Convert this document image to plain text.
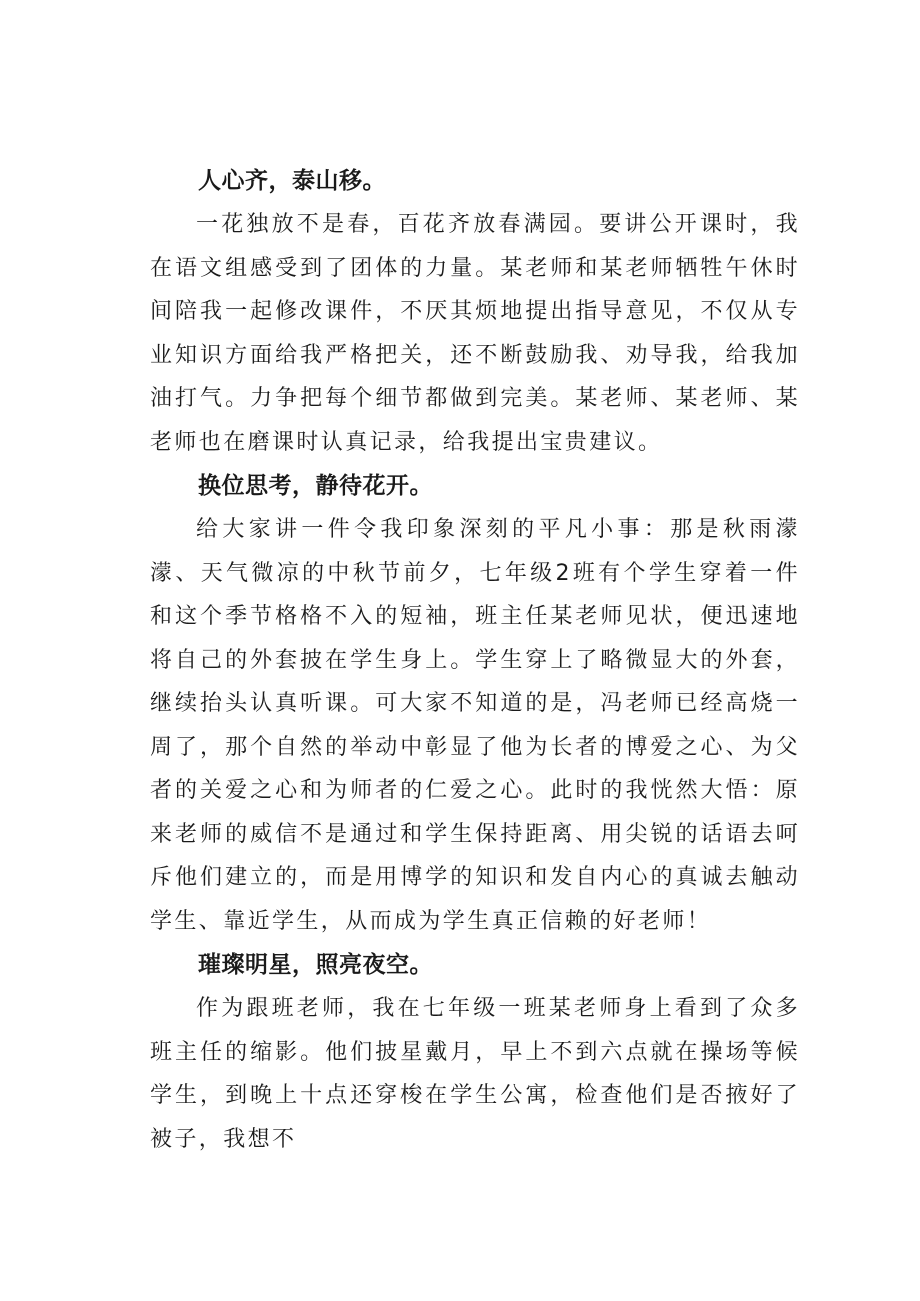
人心齐，泰山移。

一花独放不是春，百花齐放春满园。要讲公开课时，我在语文组感受到了团体的力量。某老师和某老师牺牲午休时间陪我一起修改课件，不厌其烦地提出指导意见，不仅从专业知识方面给我严格把关，还不断鼓励我、劝导我，给我加油打气。力争把每个细节都做到完美。某老师、某老师、某老师也在磨课时认真记录，给我提出宝贵建议。

换位思考，静待花开。

给大家讲一件令我印象深刻的平凡小事：那是秋雨濛濛、天气微凉的中秋节前夕，七年级2班有个学生穿着一件和这个季节格格不入的短袖，班主任某老师见状，便迅速地将自己的外套披在学生身上。学生穿上了略微显大的外套，继续抬头认真听课。可大家不知道的是，冯老师已经高烧一周了，那个自然的举动中彰显了他为长者的博爱之心、为父者的关爱之心和为师者的仁爱之心。此时的我恍然大悟：原来老师的威信不是通过和学生保持距离、用尖锐的话语去呵斥他们建立的，而是用博学的知识和发自内心的真诚去触动学生、靠近学生，从而成为学生真正信赖的好老师！

璀璨明星，照亮夜空。

作为跟班老师，我在七年级一班某老师身上看到了众多班主任的缩影。他们披星戴月，早上不到六点就在操场等候学生，到晚上十点还穿梭在学生公寓，检查他们是否掖好了被子，我想不
